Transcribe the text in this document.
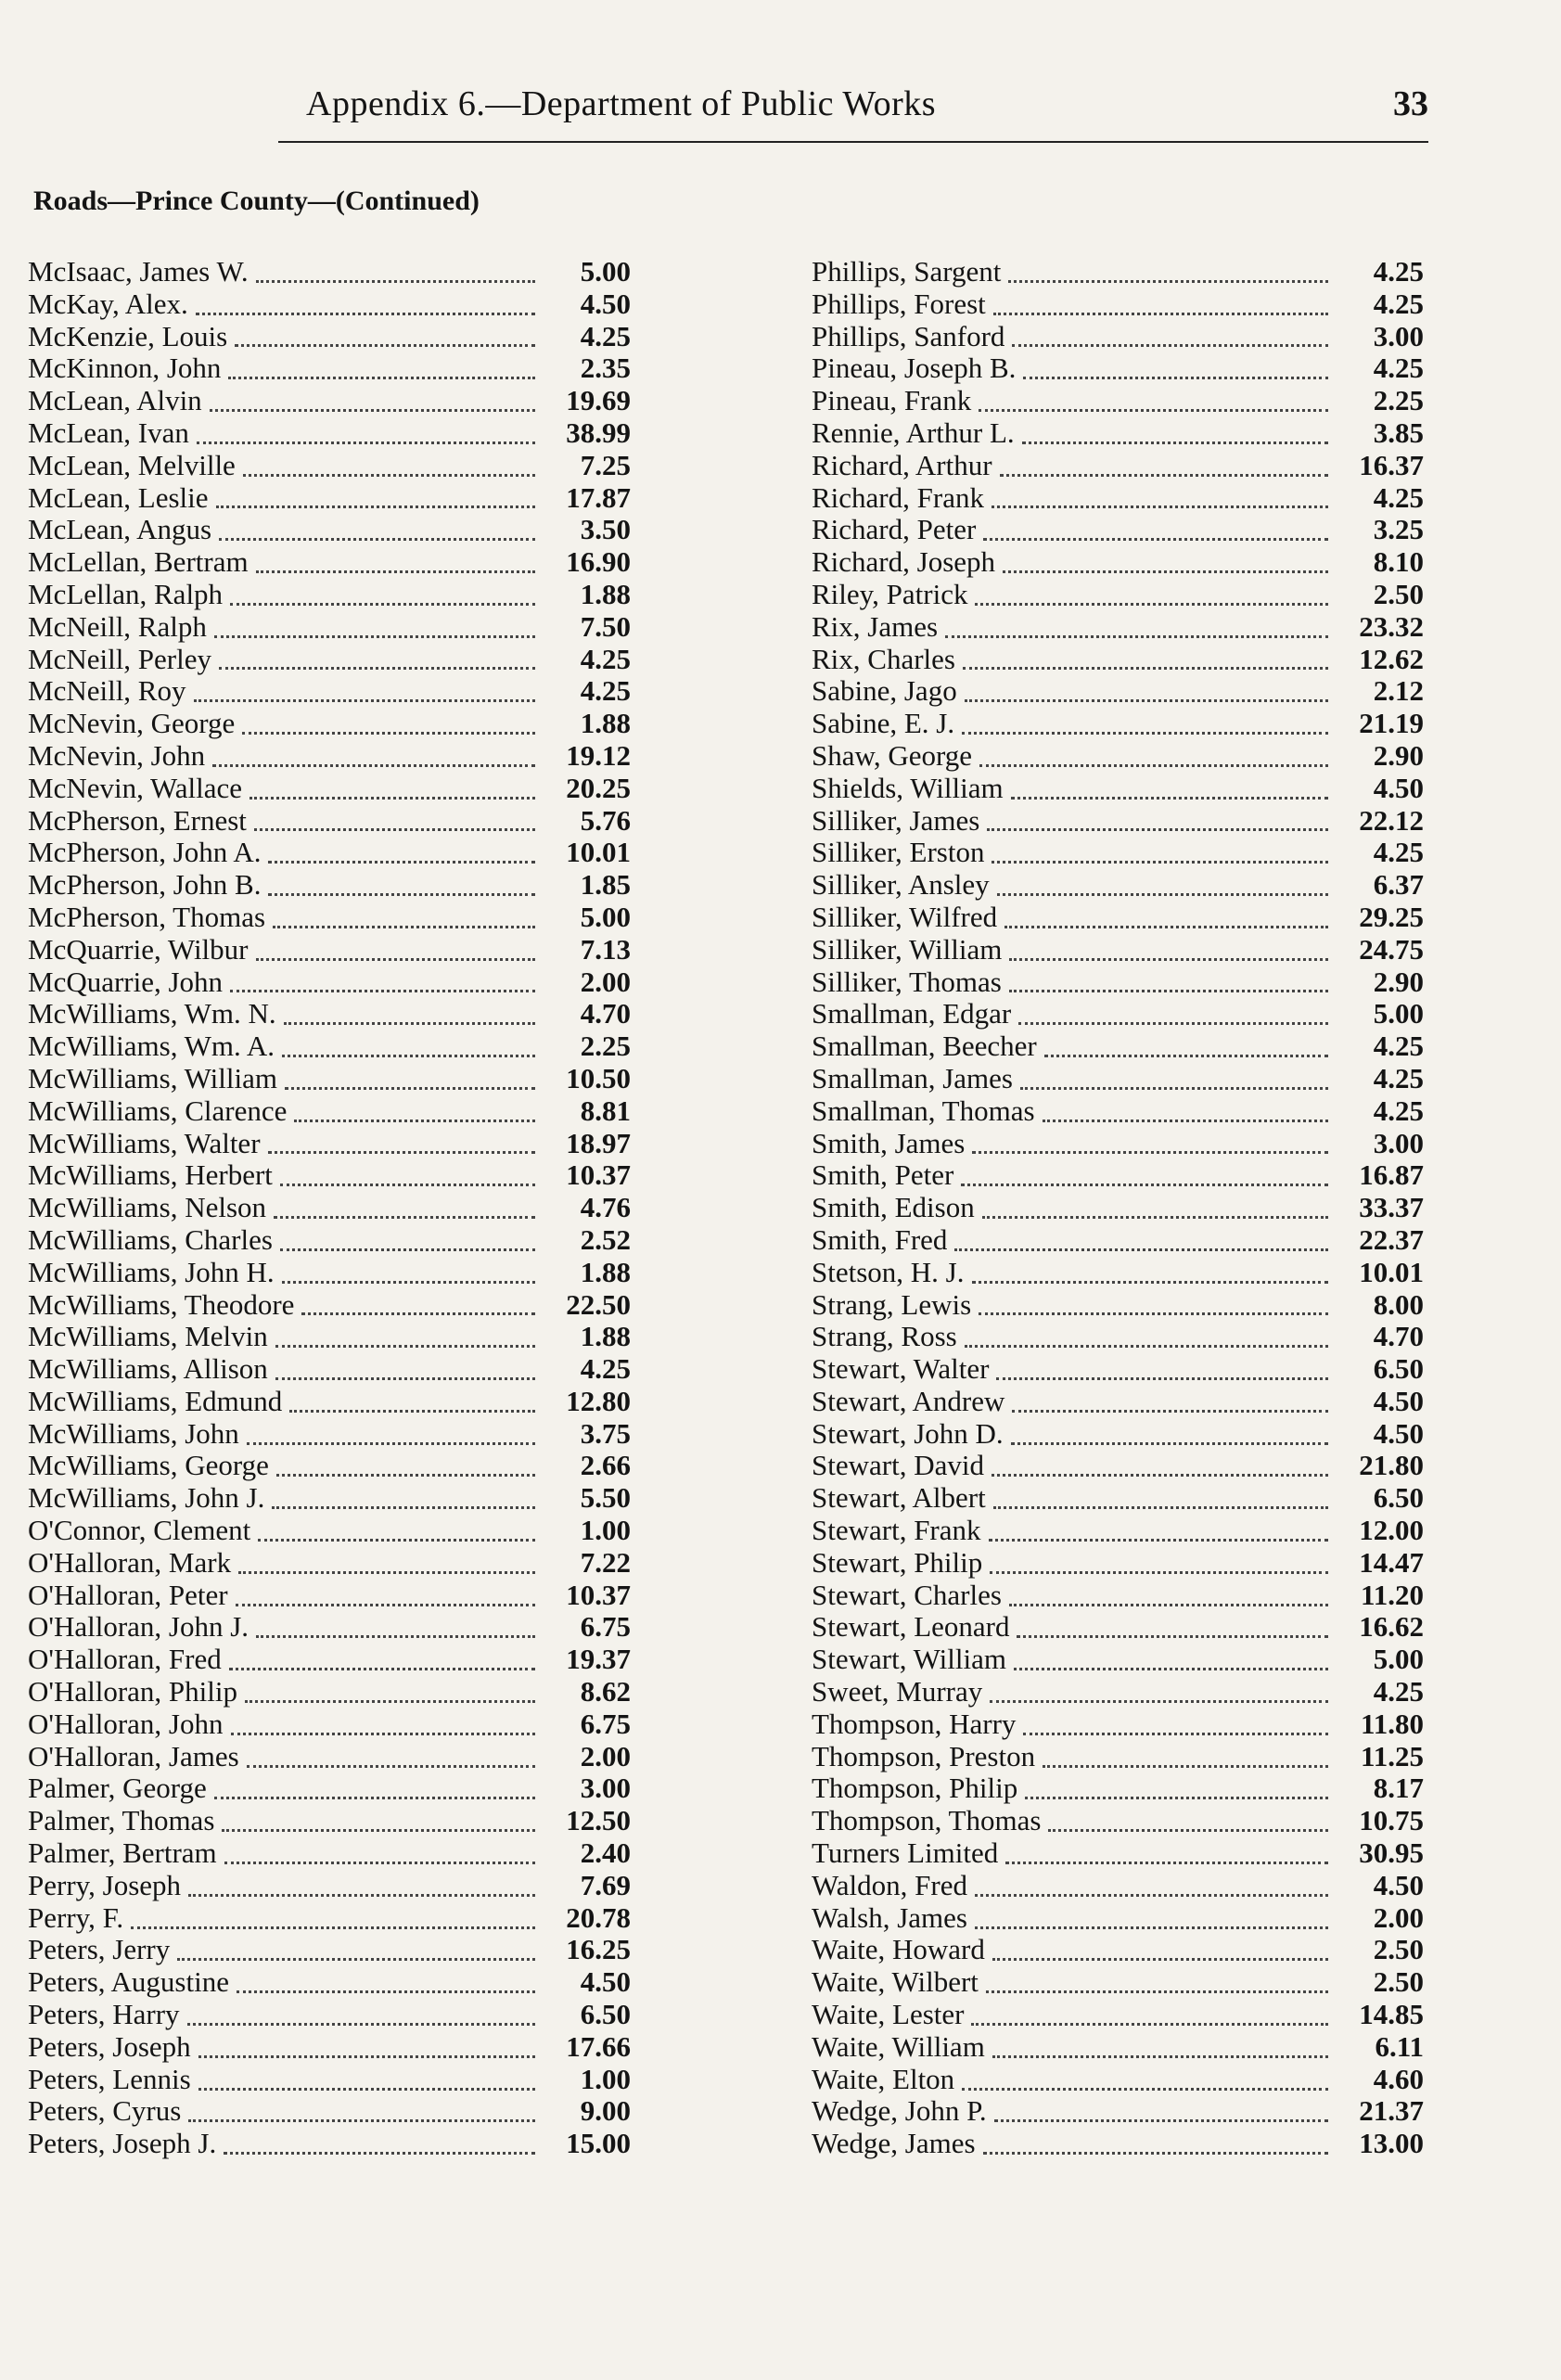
Appendix 6.—Department of Public Works	33
Roads—Prince County—(Continued)
McIsaac, James W.	5.00
McKay, Alex.	4.50
McKenzie, Louis	4.25
McKinnon, John	2.35
McLean, Alvin	19.69
McLean, Ivan	38.99
McLean, Melville	7.25
McLean, Leslie	17.87
McLean, Angus	3.50
McLellan, Bertram	16.90
McLellan, Ralph	1.88
McNeill, Ralph	7.50
McNeill, Perley	4.25
McNeill, Roy	4.25
McNevin, George	1.88
McNevin, John	19.12
McNevin, Wallace	20.25
McPherson, Ernest	5.76
McPherson, John A.	10.01
McPherson, John B.	1.85
McPherson, Thomas	5.00
McQuarrie, Wilbur	7.13
McQuarrie, John	2.00
McWilliams, Wm. N.	4.70
McWilliams, Wm. A.	2.25
McWilliams, William	10.50
McWilliams, Clarence	8.81
McWilliams, Walter	18.97
McWilliams, Herbert	10.37
McWilliams, Nelson	4.76
McWilliams, Charles	2.52
McWilliams, John H.	1.88
McWilliams, Theodore	22.50
McWilliams, Melvin	1.88
McWilliams, Allison	4.25
McWilliams, Edmund	12.80
McWilliams, John	3.75
McWilliams, George	2.66
McWilliams, John J.	5.50
O'Connor, Clement	1.00
O'Halloran, Mark	7.22
O'Halloran, Peter	10.37
O'Halloran, John J.	6.75
O'Halloran, Fred	19.37
O'Halloran, Philip	8.62
O'Halloran, John	6.75
O'Halloran, James	2.00
Palmer, George	3.00
Palmer, Thomas	12.50
Palmer, Bertram	2.40
Perry, Joseph	7.69
Perry, F.	20.78
Peters, Jerry	16.25
Peters, Augustine	4.50
Peters, Harry	6.50
Peters, Joseph	17.66
Peters, Lennis	1.00
Peters, Cyrus	9.00
Peters, Joseph J.	15.00
Phillips, Sargent	4.25
Phillips, Forest	4.25
Phillips, Sanford	3.00
Pineau, Joseph B.	4.25
Pineau, Frank	2.25
Rennie, Arthur L.	3.85
Richard, Arthur	16.37
Richard, Frank	4.25
Richard, Peter	3.25
Richard, Joseph	8.10
Riley, Patrick	2.50
Rix, James	23.32
Rix, Charles	12.62
Sabine, Jago	2.12
Sabine, E. J.	21.19
Shaw, George	2.90
Shields, William	4.50
Silliker, James	22.12
Silliker, Erston	4.25
Silliker, Ansley	6.37
Silliker, Wilfred	29.25
Silliker, William	24.75
Silliker, Thomas	2.90
Smallman, Edgar	5.00
Smallman, Beecher	4.25
Smallman, James	4.25
Smallman, Thomas	4.25
Smith, James	3.00
Smith, Peter	16.87
Smith, Edison	33.37
Smith, Fred	22.37
Stetson, H. J.	10.01
Strang, Lewis	8.00
Strang, Ross	4.70
Stewart, Walter	6.50
Stewart, Andrew	4.50
Stewart, John D.	4.50
Stewart, David	21.80
Stewart, Albert	6.50
Stewart, Frank	12.00
Stewart, Philip	14.47
Stewart, Charles	11.20
Stewart, Leonard	16.62
Stewart, William	5.00
Sweet, Murray	4.25
Thompson, Harry	11.80
Thompson, Preston	11.25
Thompson, Philip	8.17
Thompson, Thomas	10.75
Turners Limited	30.95
Waldon, Fred	4.50
Walsh, James	2.00
Waite, Howard	2.50
Waite, Wilbert	2.50
Waite, Lester	14.85
Waite, William	6.11
Waite, Elton	4.60
Wedge, John P.	21.37
Wedge, James	13.00
